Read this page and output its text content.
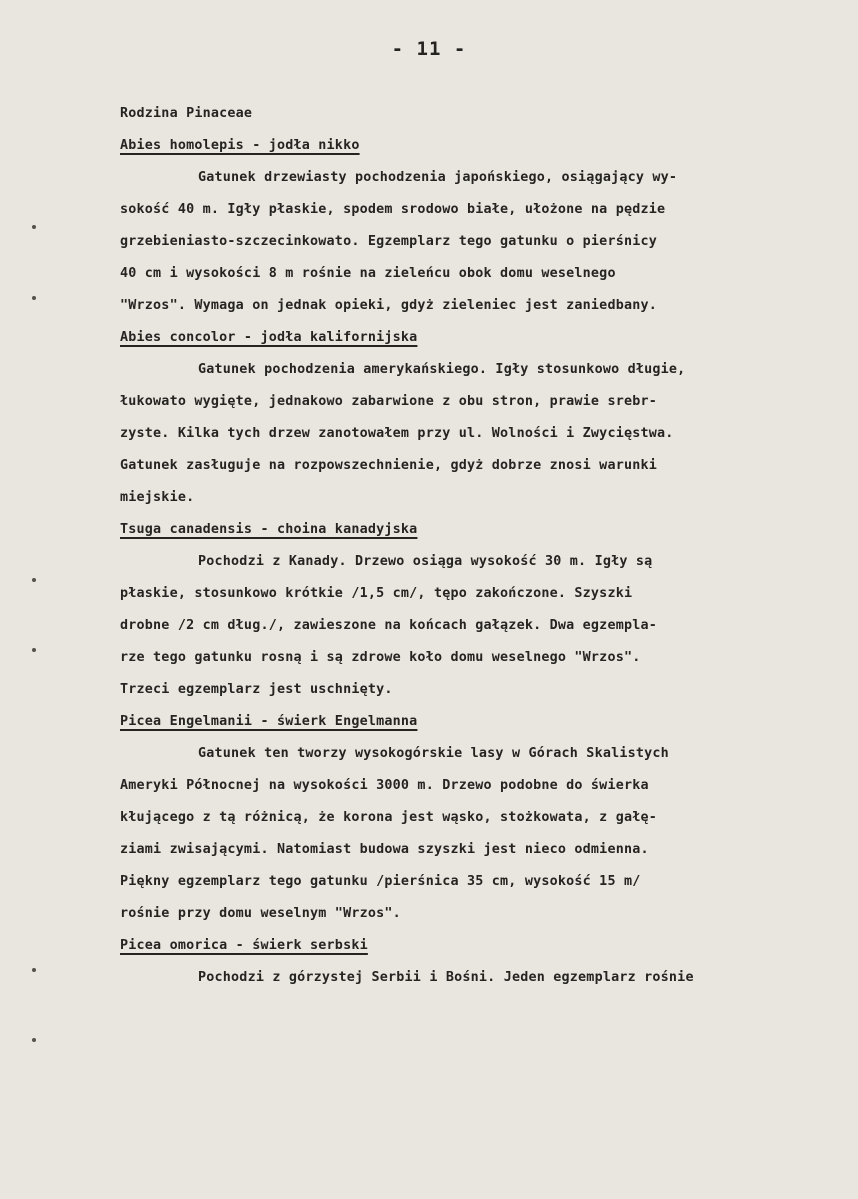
- 11 -
Rodzina Pinaceae
Abies homolepis - jodła nikko
Gatunek drzewiasty pochodzenia japońskiego, osiągający wy-
sokość 40 m. Igły płaskie, spodem srodowo białe, ułożone na pędzie
grzebieniasto-szczecinkowato. Egzemplarz tego gatunku o pierśnicy
40 cm i wysokości 8 m rośnie na zieleńcu obok domu weselnego
"Wrzos". Wymaga on jednak opieki, gdyż zieleniec jest zaniedbany.
Abies concolor - jodła kalifornijska
Gatunek pochodzenia amerykańskiego. Igły stosunkowo długie,
łukowato wygięte, jednakowo zabarwione z obu stron, prawie srebr-
zyste. Kilka tych drzew zanotowałem przy ul. Wolności i Zwycięstwa.
Gatunek zasługuje na rozpowszechnienie, gdyż dobrze znosi warunki
miejskie.
Tsuga canadensis - choina kanadyjska
Pochodzi z Kanady. Drzewo osiąga wysokość 30 m. Igły są
płaskie, stosunkowo krótkie /1,5 cm/, tępo zakończone. Szyszki
drobne /2 cm dług./, zawieszone na końcach gałązek. Dwa egzempla-
rze tego gatunku rosną i są zdrowe koło domu weselnego "Wrzos".
Trzeci egzemplarz jest uschnięty.
Picea Engelmanii - świerk Engelmanna
Gatunek ten tworzy wysokogórskie lasy w Górach Skalistych
Ameryki Północnej na wysokości 3000 m. Drzewo podobne do świerka
kłującego z tą różnicą, że korona jest wąsko, stożkowata, z gałę-
ziami zwisającymi. Natomiast budowa szyszki jest nieco odmienna.
Piękny egzemplarz tego gatunku /pierśnica 35 cm, wysokość 15 m/
rośnie przy domu weselnym "Wrzos".
Picea omorica - świerk serbski
Pochodzi z górzystej Serbii i Bośni. Jeden egzemplarz rośnie
